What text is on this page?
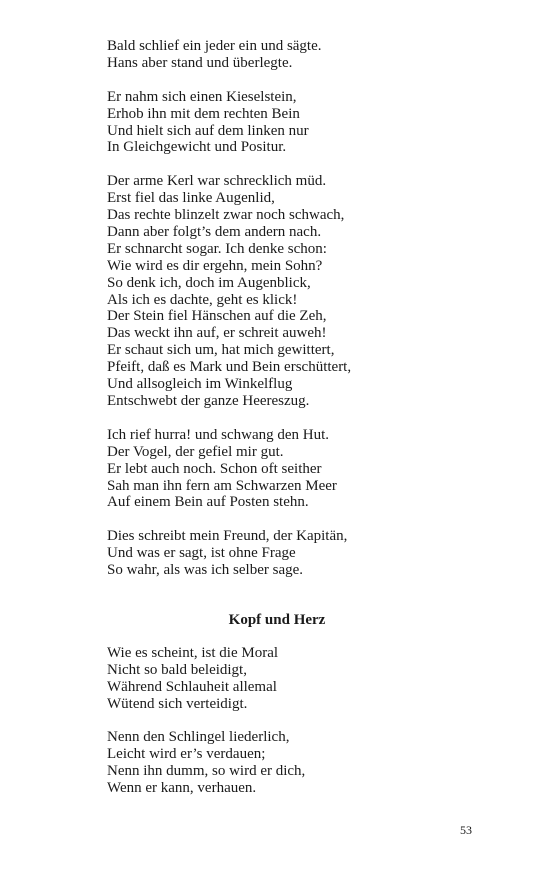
Bald schlief ein jeder ein und sägte.
Hans aber stand und überlegte.
Er nahm sich einen Kieselstein,
Erhob ihn mit dem rechten Bein
Und hielt sich auf dem linken nur
In Gleichgewicht und Positur.
Der arme Kerl war schrecklich müd.
Erst fiel das linke Augenlid,
Das rechte blinzelt zwar noch schwach,
Dann aber folgt’s dem andern nach.
Er schnarcht sogar. Ich denke schon:
Wie wird es dir ergehn, mein Sohn?
So denk ich, doch im Augenblick,
Als ich es dachte, geht es klick!
Der Stein fiel Hänschen auf die Zeh,
Das weckt ihn auf, er schreit auweh!
Er schaut sich um, hat mich gewittert,
Pfeift, daß es Mark und Bein erschüttert,
Und allsogleich im Winkelflug
Entschwebt der ganze Heereszug.
Ich rief hurra! und schwang den Hut.
Der Vogel, der gefiel mir gut.
Er lebt auch noch. Schon oft seither
Sah man ihn fern am Schwarzen Meer
Auf einem Bein auf Posten stehn.
Dies schreibt mein Freund, der Kapitän,
Und was er sagt, ist ohne Frage
So wahr, als was ich selber sage.
Kopf und Herz
Wie es scheint, ist die Moral
Nicht so bald beleidigt,
Während Schlauheit allemal
Wütend sich verteidigt.
Nenn den Schlingel liederlich,
Leicht wird er’s verdauen;
Nenn ihn dumm, so wird er dich,
Wenn er kann, verhauen.
53
